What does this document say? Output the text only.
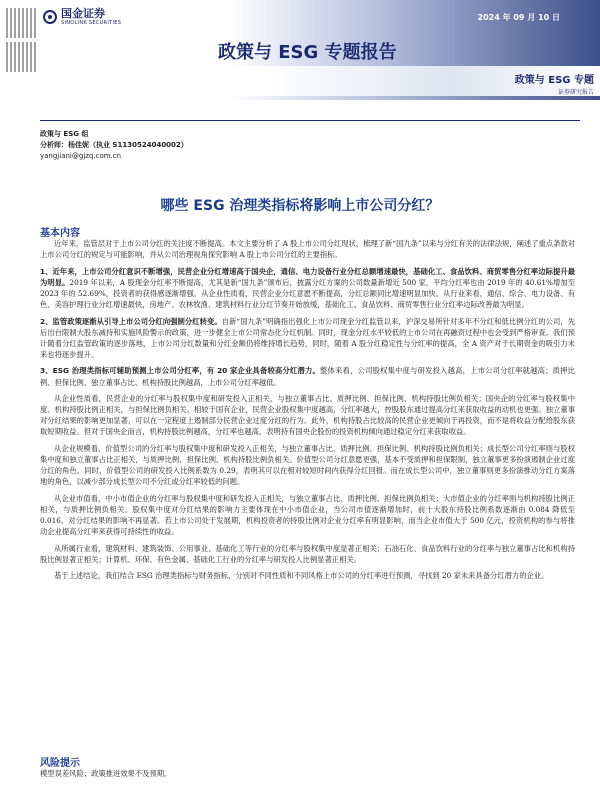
国金证券
SINOLINK SECURITIES
2024 年 09 月 10 日
政策与 ESG 专题报告
政策与 ESG 专题
证券研究报告
政策与 ESG 组
分析师：杨佳妮（执业 S1130524040002）
yangjiani@gjzq.com.cn
哪些 ESG 治理类指标将影响上市公司分红？
基本内容

近年来，监管层对于上市公司分红的关注度不断提高。本文主要分析了 A 股上市公司分红现状，梳理了新“国九条”以来与分红有关的法律法规，阐述了重点条款对上市公司分红的规定与可能影响，并从公司治理视角探究影响 A 股上市公司分红的主要指标。

1、近年来，上市公司分红意识不断增强，民营企业分红增速高于国央企，通信、电力设备行业分红总额增速最快，基础化工、食品饮料、商贸零售分红率边际提升最为明显。2019 年以来，A 股现金分红率不断提高，尤其是新“国九条”颁布后，披露分红方案的公司数量新增近 500 家，平均分红率也由 2019 年的 40.61%增加至 2023 年的 52.69%，投资者的获得感逐渐增强。从企业性质看，民营企业分红意愿不断提高，分红总额同比增速明显加快。从行业来看，通信、综合、电力设备、有色、美容护理行业分红增速最快，房地产、农林牧渔、建筑材料行业分红节奏开始放缓，基础化工、食品饮料、商贸零售行业分红率边际改善最为明显。

2、监管政策逐渐从引导上市公司分红向强制分红转变。自新“国九条”明确指出强化上市公司现金分红监管以来，沪深交易所针对多年不分红和低比例分红的公司，先后出台限制大股东减持和实施风险警示的政策，进一步健全上市公司常态化分红机制。同时，现金分红水平较低的上市公司在再融资过程中也会受到严格审查。我们预计随着分红监管政策的逐步落地，上市公司分红数量和分红金额仍将维持增长趋势，同时，随着 A 股分红稳定性与分红率的提高，全 A 资产对于长期资金的吸引力未来也将逐步提升。

3、ESG 治理类指标可辅助预测上市公司分红率，有 20 家企业具备较高分红潜力。整体来看，公司股权集中度与研发投入越高，上市公司分红率就越高；质押比例、担保比例、独立董事占比、机构持股比例越高，上市公司分红率越低。

从企业性质看，民营企业的分红率与股权集中度和研发投入正相关，与独立董事占比、质押比例、担保比例、机构持股比例负相关；国央企的分红率与股权集中度、机构持股比例正相关，与担保比例负相关。相较于国有企业，民营企业股权集中度越高，分红率越大，控股股东通过提高分红来获取收益的动机也更强。独立董事对分红结果的影响更加显著，可以在一定程度上遏制部分民营企业过度分红的行为。此外，机构持股占比较高的民营企业更倾向于再投资，而不是将收益分配给股东获取短期收益。但对于国央企而言，机构持股比例越高，分红率也越高，表明持有国央企股份的投资机构倾向通过稳定分红来获取收益。

从企业规模看，价值型公司的分红率与股权集中度和研发投入正相关，与独立董事占比、质押比例、担保比例、机构持股比例负相关；成长型公司分红率则与股权集中度和独立董事占比正相关，与质押比例、担保比例、机构持股比例负相关。价值型公司分红意愿更强，基本不受质押和担保限制，独立董事更多扮演遏制企业过度分红的角色，同时，价值型公司的研发投入比例系数为 0.29，表明其可以在相对较短时间内获得分红回报。而在成长型公司中，独立董事则更多扮演推动分红方案落地的角色，以减少部分成长型公司不分红或分红率较低的问题。

从企业市值看，中小市值企业的分红率与股权集中度和研发投入正相关，与独立董事占比、质押比例、担保比例负相关；大市值企业的分红率则与机构持股比例正相关，与质押比例负相关。股权集中度对分红结果的影响力主要体现在中小市值企业，当公司市值逐渐增加时，前十大股东持股比例系数逐渐由 0.084 降低至 0.016，对分红结果的影响不再显著。若上市公司处于发展期，机构投资者的持股比例对企业分红率有明显影响，而当企业市值大于 500 亿元，投资机构的参与将推动企业提高分红率来获得可持续性的收益。

从所属行业看，建筑材料、建筑装饰、公用事业、基础化工等行业的分红率与股权集中度显著正相关；石油石化、食品饮料行业的分红率与独立董事占比和机构持股比例显著正相关；计算机、环保、有色金属、基础化工行业的分红率与研发投入比例显著正相关。

基于上述结论，我们结合 ESG 治理类指标与财务指标，分别对不同性质和不同风格上市公司的分红率进行预测，寻找到 20 家未来具备分红潜力的企业。

风险提示
模型误差风险；政策推进效果不及预期。
